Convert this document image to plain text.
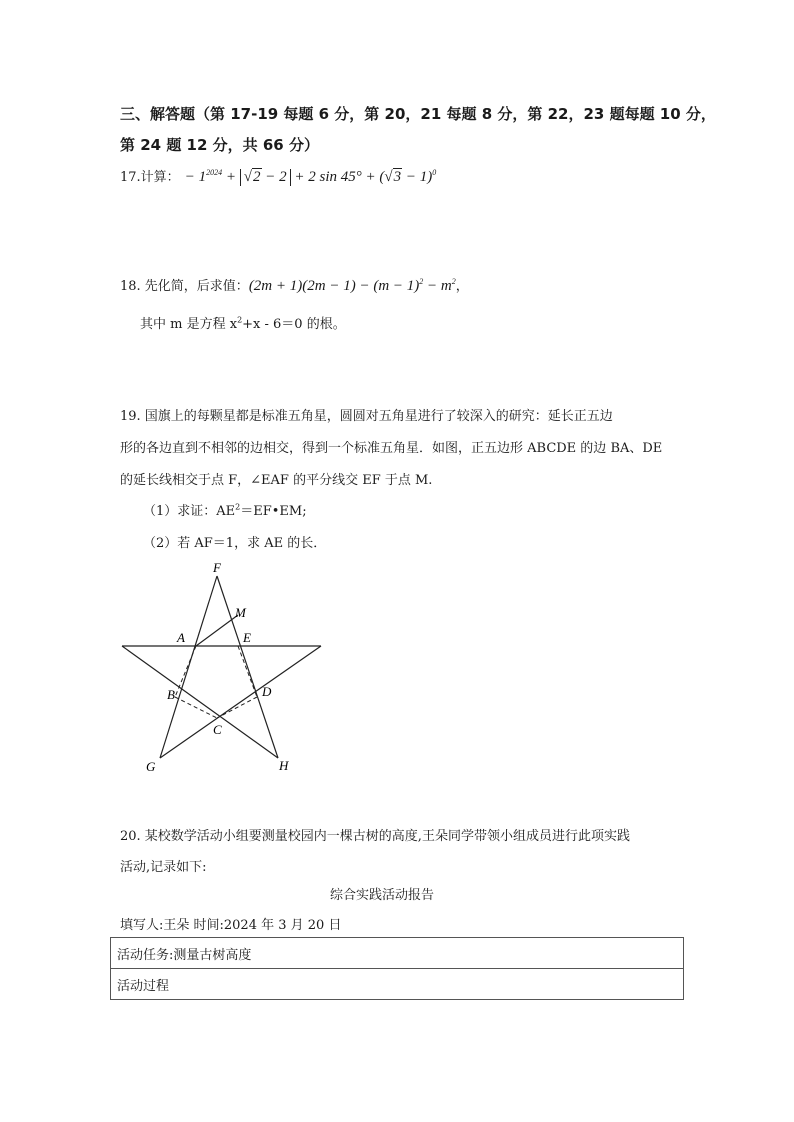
三、解答题（第 17-19 每题 6 分，第 20，21 每题 8 分，第 22，23 题每题 10 分，
第 24 题 12 分，共 66 分）
17.计算： − $1^{2024} + √2 - 2 + 2$ $\sin 45^\circ + (√3 - 1)^0$
18. 先化简，后求值：$(2m + 1)(2m - 1) - (m - 1)^2 - m^2$，
其中 m 是方程 $x^2+x - 6=0$ 的根。
19. 国旗上的每颗星都是标准五角星，圆圆对五角星进行了较深入的研究：延长正五边
形的各边直到不相邻的边相交，得到一个标准五角星．如图，正五边形 ABCDE 的边 BA、DE
的延长线相交于点 F，∠EAF 的平分线交 EF 于点 M.
（1）求证：$AE^2=EF•EM$;
（2）若 AF＝1，求 AE 的长．
F
M
A	E
B	D
C
G	H
20. 某校数学活动小组要测量校园内一棵古树的高度,王朵同学带领小组成员进行此项实践
活动,记录如下:
综合实践活动报告
填写人:王朵 时间:2024 年 3 月 20 日
活动任务:测量古树高度
活动过程
